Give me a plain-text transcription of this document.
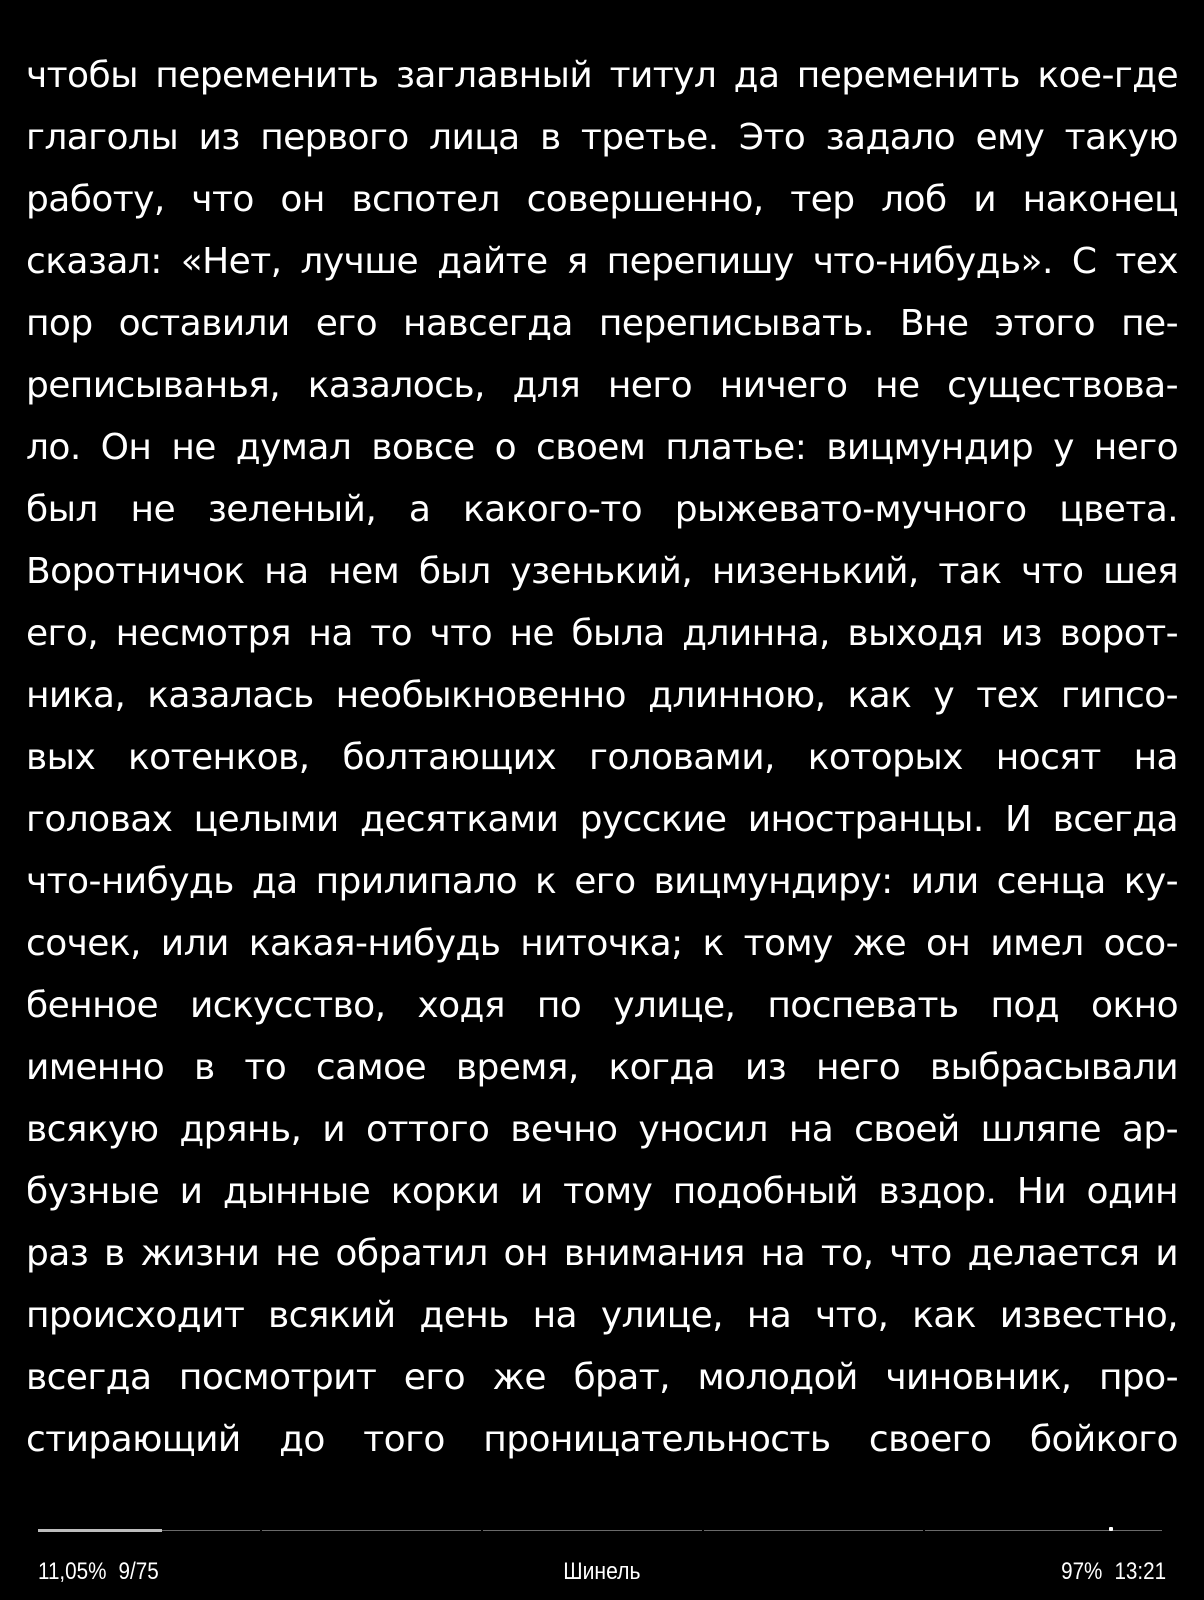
чтобы переменить заглавный титул да переменить кое-где
глаголы из первого лица в третье. Это задало ему такую
работу, что он вспотел совершенно, тер лоб и наконец
сказал: «Нет, лучше дайте я перепишу что-нибудь». С тех
пор оставили его навсегда переписывать. Вне этого пе-
реписыванья, казалось, для него ничего не существова-
ло. Он не думал вовсе о своем платье: вицмундир у него
был не зеленый, а какого-то рыжевато-мучного цвета.
Воротничок на нем был узенький, низенький, так что шея
его, несмотря на то что не была длинна, выходя из ворот-
ника, казалась необыкновенно длинною, как у тех гипсо-
вых котенков, болтающих головами, которых носят на
головах целыми десятками русские иностранцы. И всегда
что-нибудь да прилипало к его вицмундиру: или сенца ку-
сочек, или какая-нибудь ниточка; к тому же он имел осо-
бенное искусство, ходя по улице, поспевать под окно
именно в то самое время, когда из него выбрасывали
всякую дрянь, и оттого вечно уносил на своей шляпе ар-
бузные и дынные корки и тому подобный вздор. Ни один
раз в жизни не обратил он внимания на то, что делается и
происходит всякий день на улице, на что, как известно,
всегда посмотрит его же брат, молодой чиновник, про-
стирающий до того проницательность своего бойкого
11,05% 9/75	Шинель	97% 13:21
